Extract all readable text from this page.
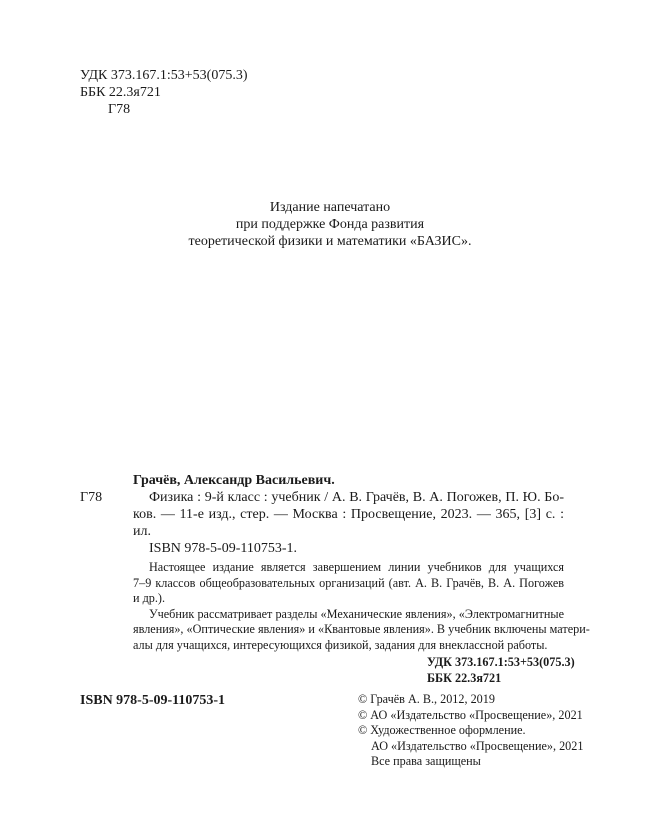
УДК 373.167.1:53+53(075.3)
ББК 22.3я721
Г78
Издание напечатано
при поддержке Фонда развития
теоретической физики и математики «БАЗИС».
Грачёв, Александр Васильевич.
Г78	Физика : 9-й класс : учебник / А. В. Грачёв, В. А. Погожев, П. Ю. Бо-
ков. — 11-е изд., стер. — Москва : Просвещение, 2023. — 365, [3] с. :
ил.
ISBN 978-5-09-110753-1.
Настоящее издание является завершением линии учебников для учащихся
7–9 классов общеобразовательных организаций (авт. А. В. Грачёв, В. А. Погожев
и др.).
Учебник рассматривает разделы «Механические явления», «Электромагнитные
явления», «Оптические явления» и «Квантовые явления». В учебник включены матери-
алы для учащихся, интересующихся физикой, задания для внеклассной работы.
УДК 373.167.1:53+53(075.3)
ББК 22.3я721
ISBN 978-5-09-110753-1	© Грачёв А. В., 2012, 2019
© АО «Издательство «Просвещение», 2021
© Художественное оформление.
АО «Издательство «Просвещение», 2021
Все права защищены
